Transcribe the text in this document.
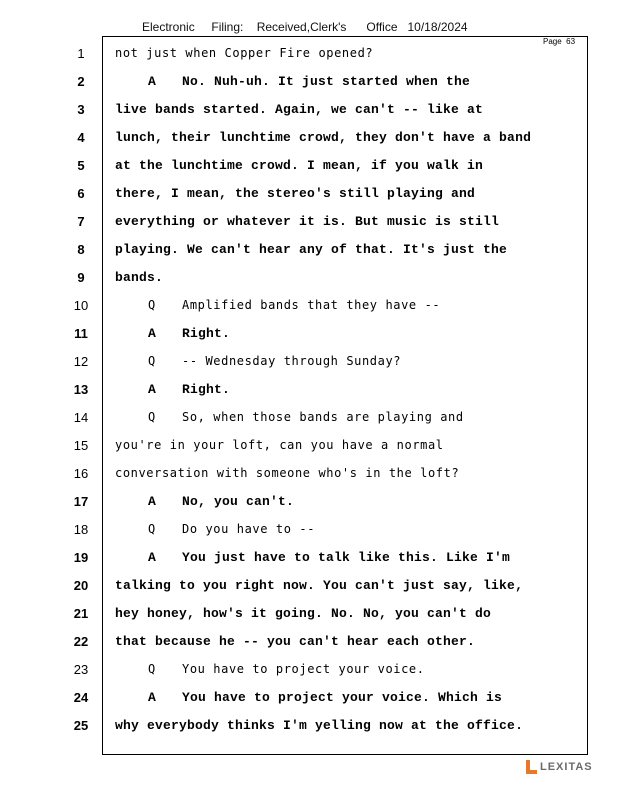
Electronic     Filing:    Received,Clerk's      Office   10/18/2024
Page  63
1	not just when Copper Fire opened?
2	A No. Nuh-uh. It just started when the
3	live bands started. Again, we can't -- like at
4	lunch, their lunchtime crowd, they don't have a band
5	at the lunchtime crowd. I mean, if you walk in
6	there, I mean, the stereo's still playing and
7	everything or whatever it is. But music is still
8	playing. We can't hear any of that. It's just the
9	bands.
10	Q Amplified bands that they have --
11	A Right.
12	Q -- Wednesday through Sunday?
13	A Right.
14	Q So, when those bands are playing and
15	you're in your loft, can you have a normal
16	conversation with someone who's in the loft?
17	A No, you can't.
18	Q Do you have to --
19	A You just have to talk like this. Like I'm
20 talking to you right now. You can't just say, like,
21 hey honey, how's it going. No. No, you can't do
22 that because he -- you can't hear each other.
23	Q You have to project your voice.
24	A You have to project your voice. Which is
25 why everybody thinks I'm yelling now at the office.
LEXITAS
